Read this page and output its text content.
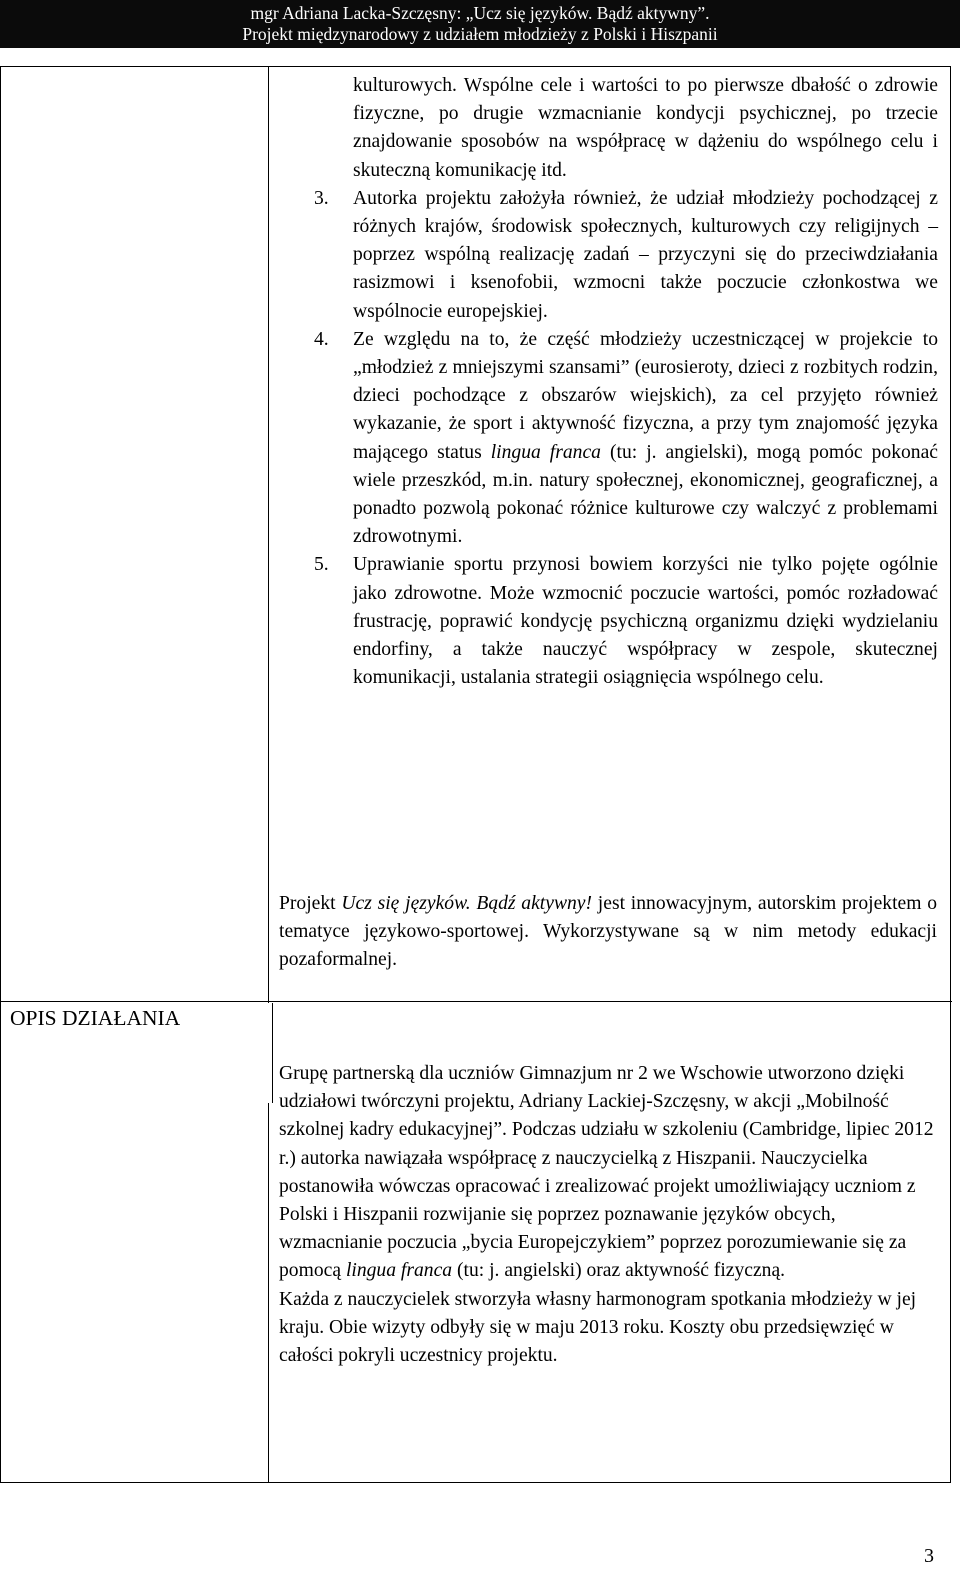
mgr Adriana Lacka-Szczęsny: „Ucz się języków. Bądź aktywny”.
Projekt międzynarodowy z udziałem młodzieży z Polski i Hiszpanii
kulturowych. Wspólne cele i wartości to po pierwsze dbałość o zdrowie fizyczne, po drugie wzmacnianie kondycji psychicznej, po trzecie znajdowanie sposobów na współpracę w dążeniu do wspólnego celu i skuteczną komunikację itd.
3. Autorka projektu założyła również, że udział młodzieży pochodzącej z różnych krajów, środowisk społecznych, kulturowych czy religijnych – poprzez wspólną realizację zadań – przyczyni się do przeciwdziałania rasizmowi i ksenofobii, wzmocni także poczucie członkostwa we wspólnocie europejskiej.
4. Ze względu na to, że część młodzieży uczestniczącej w projekcie to „młodzież z mniejszymi szansami” (eurosieroty, dzieci z rozbitych rodzin, dzieci pochodzące z obszarów wiejskich), za cel przyjęto również wykazanie, że sport i aktywność fizyczna, a przy tym znajomość języka mającego status lingua franca (tu: j. angielski), mogą pomóc pokonać wiele przeszkód, m.in. natury społecznej, ekonomicznej, geograficznej, a ponadto pozwolą pokonać różnice kulturowe czy walczyć z problemami zdrowotnymi.
5. Uprawianie sportu przynosi bowiem korzyści nie tylko pojęte ogólnie jako zdrowotne. Może wzmocnić poczucie wartości, pomóc rozładować frustrację, poprawić kondycję psychiczną organizmu dzięki wydzielaniu endorfiny, a także nauczyć współpracy w zespole, skutecznej komunikacji, ustalania strategii osiągnięcia wspólnego celu.
Projekt Ucz się języków. Bądź aktywny! jest innowacyjnym, autorskim projektem o tematyce językowo-sportowej. Wykorzystywane są w nim metody edukacji pozaformalnej.
OPIS DZIAŁANIA
Grupę partnerską dla uczniów Gimnazjum nr 2 we Wschowie utworzono dzięki udziałowi twórczyni projektu, Adriany Lackiej-Szczęsny, w akcji „Mobilność szkolnej kadry edukacyjnej”. Podczas udziału w szkoleniu (Cambridge, lipiec 2012 r.) autorka nawiązała współpracę z nauczycielką z Hiszpanii. Nauczycielka postanowiła wówczas opracować i zrealizować projekt umożliwiający uczniom z Polski i Hiszpanii rozwijanie się poprzez poznawanie języków obcych, wzmacnianie poczucia „bycia Europejczykiem” poprzez porozumiewanie się za pomocą lingua franca (tu: j. angielski) oraz aktywność fizyczną.
Każda z nauczycielek stworzyła własny harmonogram spotkania młodzieży w jej kraju. Obie wizyty odbyły się w maju 2013 roku. Koszty obu przedsięwzięć w całości pokryli uczestnicy projektu.
3
